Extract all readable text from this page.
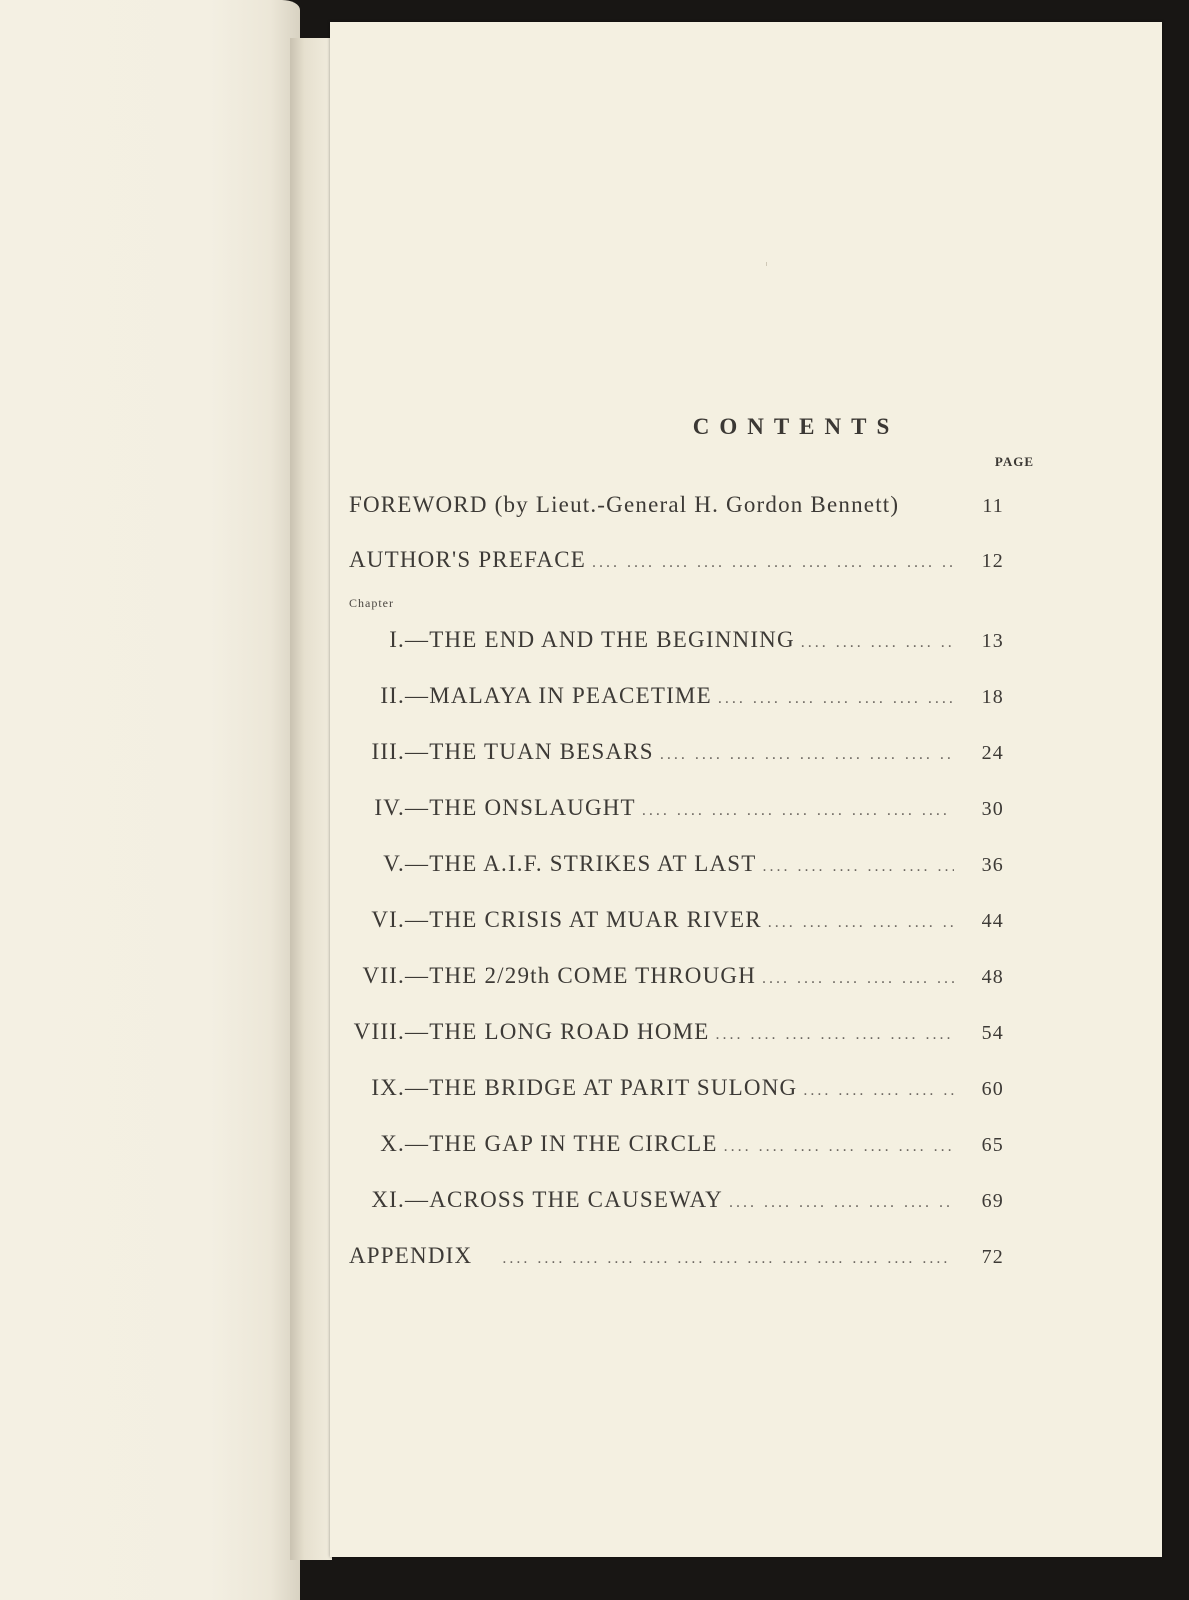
CONTENTS
PAGE
FOREWORD (by Lieut.-General H. Gordon Bennett)	11
AUTHOR'S PREFACE ....	12
Chapter
I. — THE END AND THE BEGINNING ....	13
II. — MALAYA IN PEACETIME ....	18
III. — THE TUAN BESARS ....	24
IV. — THE ONSLAUGHT ....	30
V. — THE A.I.F. STRIKES AT LAST ....	36
VI. — THE CRISIS AT MUAR RIVER ....	44
VII. — THE 2/29th COME THROUGH ....	48
VIII. — THE LONG ROAD HOME ....	54
IX. — THE BRIDGE AT PARIT SULONG ....	60
X. — THE GAP IN THE CIRCLE ....	65
XI. — ACROSS THE CAUSEWAY ....	69
APPENDIX ....	72
